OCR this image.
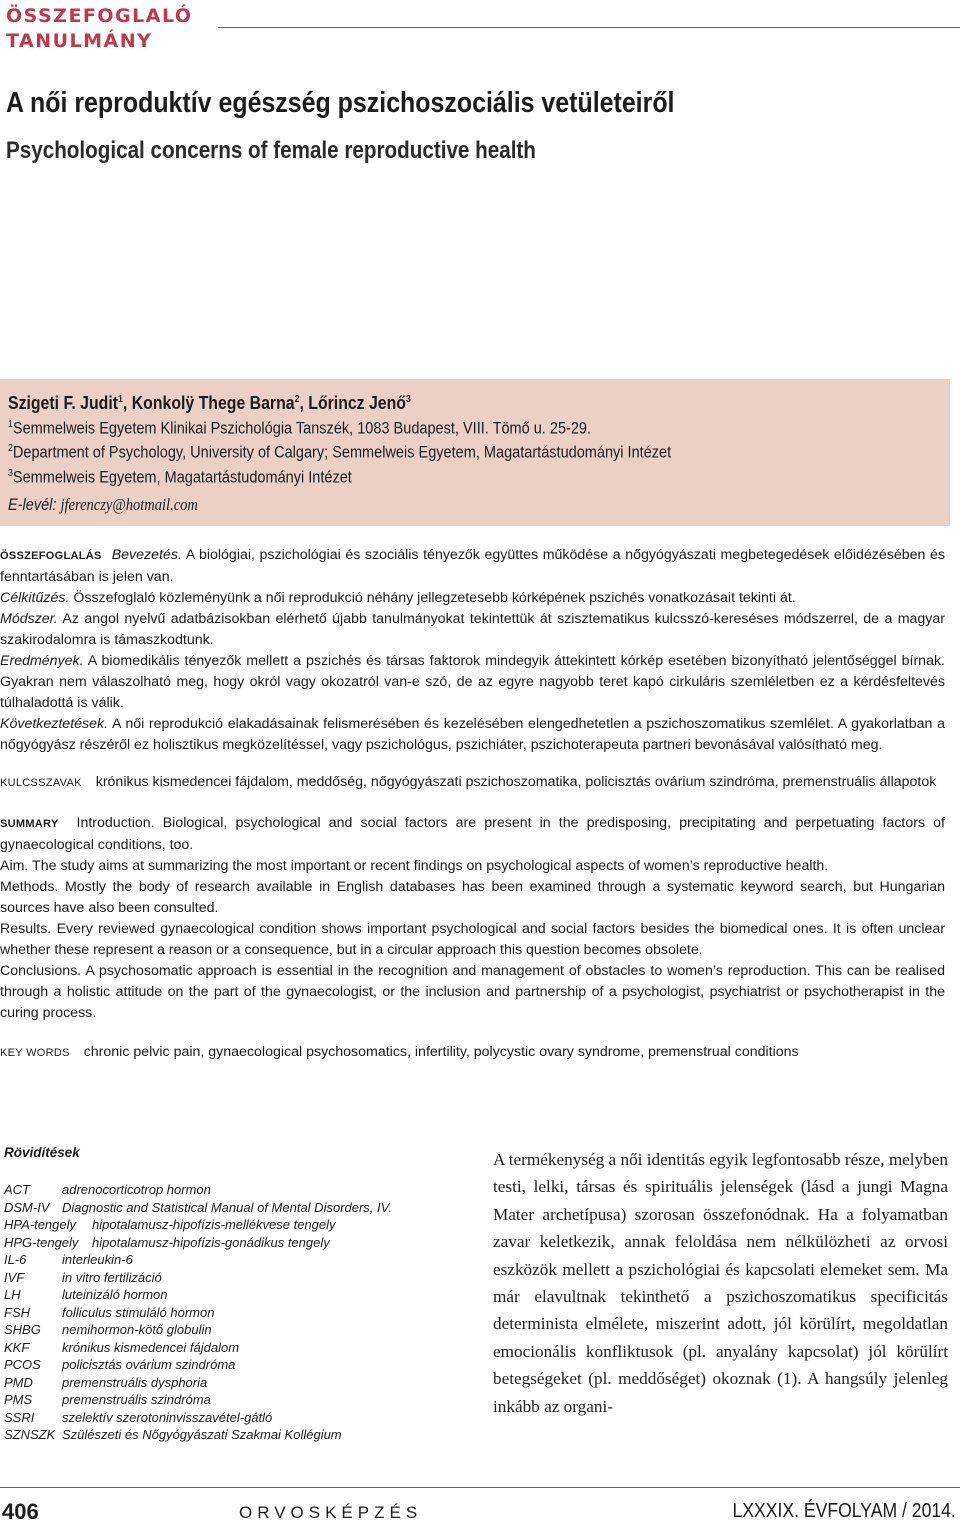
ÖSSZEFOGLALÓ
TANULMÁNY
A női reproduktív egészség pszichoszociális vetületeiről
Psychological concerns of female reproductive health

Szigeti F. Judit$^1$, Konkolÿ Thege Barna$^2$, Lőrincz Jenő$^3$

$^1$Semmelweis Egyetem Klinikai Pszichológia Tanszék, 1083 Budapest, VIII. Tömő u. 25-29.

$^2$Department of Psychology, University of Calgary; Semmelweis Egyetem, Magatartástudományi Intézet

$^3$Semmelweis Egyetem, Magatartástudományi Intézet

E-levél: jferenczy@hotmail.com

ÖSSZEFOGLALÁS Bevezetés. A biológiai, pszichológiai és szociális tényezők együttes működése a nőgyógyászati megbetegedések előidézésében és fenntartásában is jelen van.

Célkitűzés. Összefoglaló közleményünk a női reprodukció néhány jellegzetesebb kórképének pszichés vonatkozásait tekinti át.

Módszer. Az angol nyelvű adatbázisokban elérhető újabb tanulmányokat tekintettük át szisztematikus kulcsszó-kereséses módszerrel, de a magyar szakirodalomra is támaszkodtunk.

Eredmények. A biomedikális tényezők mellett a pszichés és társas faktorok mindegyik áttekintett kórkép esetében bizonyítható jelentőséggel bírnak. Gyakran nem válaszolható meg, hogy okról vagy okozatról van-e szó, de az egyre nagyobb teret kapó cirkuláris szemléletben ez a kérdésfeltevés túlhaladottá is válik.

Következtetések. A női reprodukció elakadásainak felismerésében és kezelésében elengedhetetlen a pszichoszomatikus szemlélet. A gyakorlatban a nőgyógyász részéről ez holisztikus megközelítéssel, vagy pszichológus, pszichiáter, pszichoterapeuta partneri bevonásával valósítható meg.

KULCSSZAVAK krónikus kismedencei fájdalom, meddőség, nőgyógyászati pszichoszomatika, policisztás ovárium szindróma, premenstruális állapotok

SUMMARY Introduction. Biological, psychological and social factors are present in the predisposing, precipitating and perpetuating factors of gynaecological conditions, too.

Aim. The study aims at summarizing the most important or recent findings on psychological aspects of women’s reproductive health.

Methods. Mostly the body of research available in English databases has been examined through a systematic keyword search, but Hungarian sources have also been consulted.

Results. Every reviewed gynaecological condition shows important psychological and social factors besides the biomedical ones. It is often unclear whether these represent a reason or a consequence, but in a circular approach this question becomes obsolete.

Conclusions. A psychosomatic approach is essential in the recognition and management of obstacles to women’s reproduction. This can be realised through a holistic attitude on the part of the gynaecologist, or the inclusion and partnership of a psychologist, psychiatrist or psychotherapist in the curing process.

KEY WORDS chronic pelvic pain, gynaecological psychosomatics, infertility, polycystic ovary syndrome, premenstrual conditions

Rövidítések

ACT adrenocorticotrop hormon
DSM-IV Diagnostic and Statistical Manual of Mental Disorders, IV.
HPA-tengely hipotalamusz-hipofízis-mellékvese tengely
HPG-tengely hipotalamusz-hipofízis-gonádikus tengely
IL-6	interleukin-6
IVF	in vitro fertilizáció
LH	luteinizáló hormon
FSH folliculus stimuláló hormon
SHBG nemihormon-kötő globulin
KKF	krónikus kismedencei fájdalom
PCOS policisztás ovárium szindróma
PMD premenstruális dysphoria
PMS premenstruális szindróma
SSRI szelektív szerotoninvisszavétel-gátló
SZNSZK Szülészeti és Nőgyógyászati Szakmai Kollégium

A termékenység a női identitás egyik legfontosabb része, melyben testi, lelki, társas és spirituális jelenségek (lásd a jungi Magna Mater archetípusa) szorosan összefonódnak. Ha a folyamatban zavar keletkezik, annak feloldása nem nélkülözheti az orvosi eszközök mellett a pszichológiai és kapcsolati elemeket sem. Ma már elavultnak tekinthető a pszichoszomatikus specificitás determinista elmélete, miszerint adott, jól körülírt, megoldatlan emocionális konfliktusok (pl. anyalány kapcsolat) jól körülírt betegségeket (pl. meddőséget) okoznak (1). A hangsúly jelenleg inkább az organi-

406	ORVOSKÉPZÉS	LXXXIX. ÉVFOLYAM / 2014.
